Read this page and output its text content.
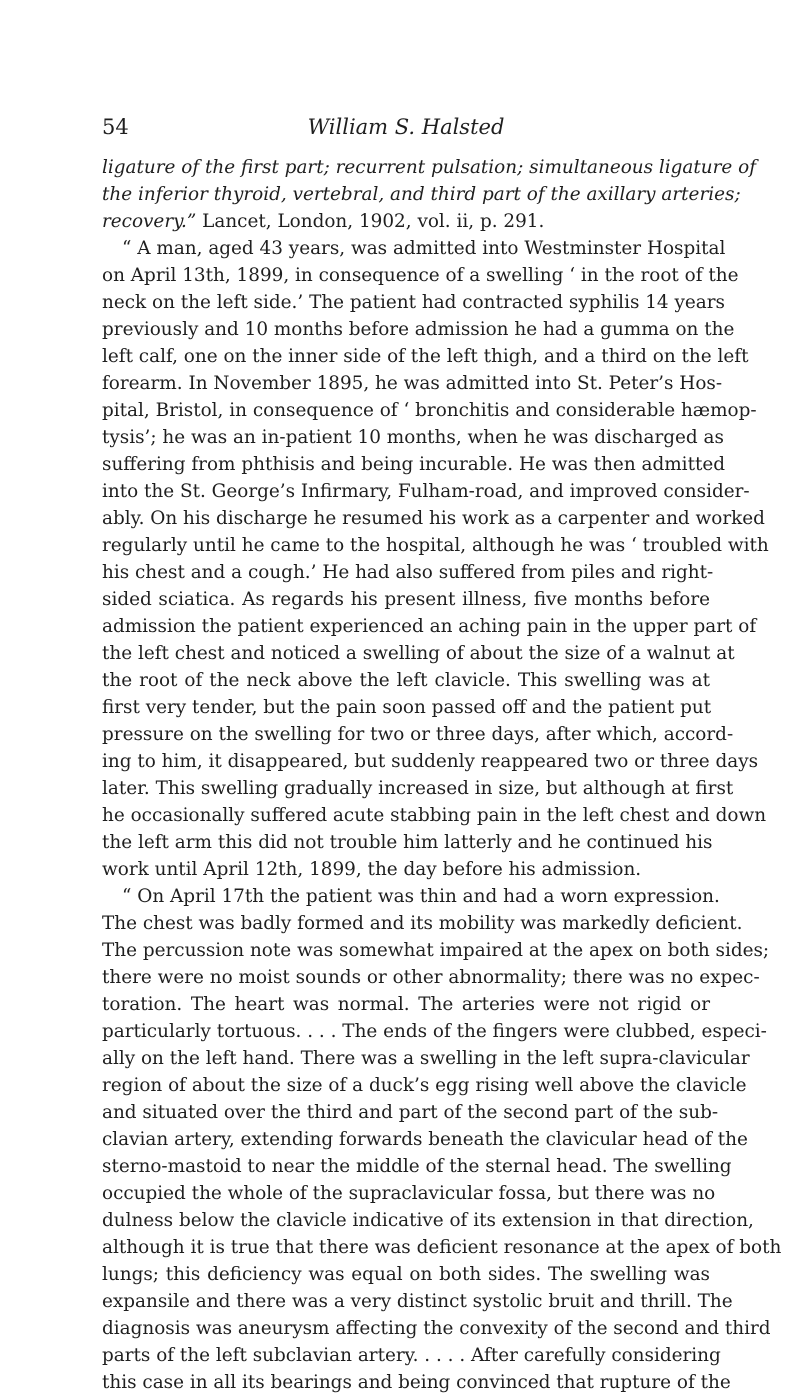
54	William S. Halsted
ligature of the first part; recurrent pulsation; simultaneous ligature of
the inferior thyroid, vertebral, and third part of the axillary arteries;
recovery.” Lancet, London, 1902, vol. ii, p. 291.
“ A man, aged 43 years, was admitted into Westminster Hospital
on April 13th, 1899, in consequence of a swelling ‘ in the root of the
neck on the left side.’ The patient had contracted syphilis 14 years
previously and 10 months before admission he had a gumma on the
left calf, one on the inner side of the left thigh, and a third on the left
forearm. In November 1895, he was admitted into St. Peter’s Hos-
pital, Bristol, in consequence of ‘ bronchitis and considerable hæmop-
tysis’; he was an in-patient 10 months, when he was discharged as
suffering from phthisis and being incurable. He was then admitted
into the St. George’s Infirmary, Fulham-road, and improved consider-
ably. On his discharge he resumed his work as a carpenter and worked
regularly until he came to the hospital, although he was ‘ troubled with
his chest and a cough.’ He had also suffered from piles and right-
sided sciatica. As regards his present illness, five months before
admission the patient experienced an aching pain in the upper part of
the left chest and noticed a swelling of about the size of a walnut at
the root of the neck above the left clavicle. This swelling was at
first very tender, but the pain soon passed off and the patient put
pressure on the swelling for two or three days, after which, accord-
ing to him, it disappeared, but suddenly reappeared two or three days
later. This swelling gradually increased in size, but although at first
he occasionally suffered acute stabbing pain in the left chest and down
the left arm this did not trouble him latterly and he continued his
work until April 12th, 1899, the day before his admission.
“ On April 17th the patient was thin and had a worn expression.
The chest was badly formed and its mobility was markedly deficient.
The percussion note was somewhat impaired at the apex on both sides;
there were no moist sounds or other abnormality; there was no expec-
toration. The heart was normal. The arteries were not rigid or
particularly tortuous. . . . The ends of the fingers were clubbed, especi-
ally on the left hand. There was a swelling in the left supra-clavicular
region of about the size of a duck’s egg rising well above the clavicle
and situated over the third and part of the second part of the sub-
clavian artery, extending forwards beneath the clavicular head of the
sterno-mastoid to near the middle of the sternal head. The swelling
occupied the whole of the supraclavicular fossa, but there was no
dulness below the clavicle indicative of its extension in that direction,
although it is true that there was deficient resonance at the apex of both
lungs; this deficiency was equal on both sides. The swelling was
expansile and there was a very distinct systolic bruit and thrill. The
diagnosis was aneurysm affecting the convexity of the second and third
parts of the left subclavian artery. . . . . After carefully considering
this case in all its bearings and being convinced that rupture of the
